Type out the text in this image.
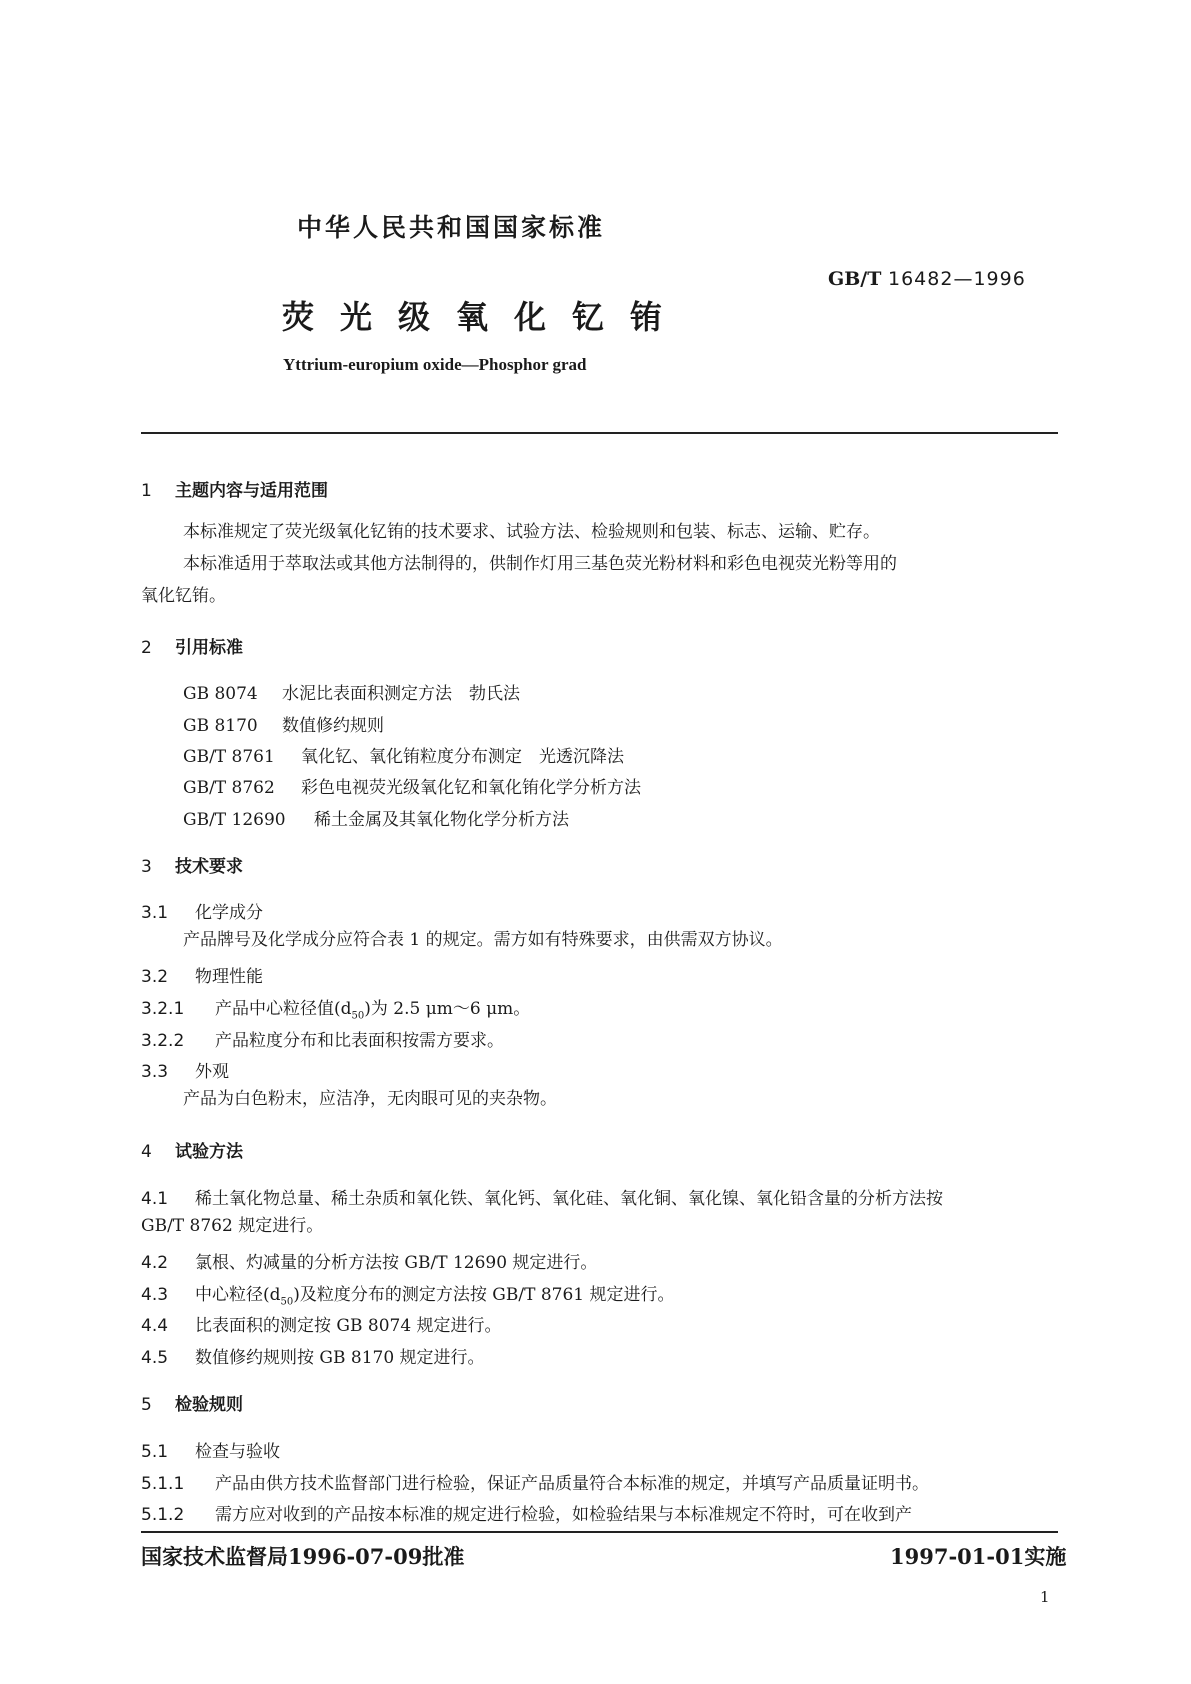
中华人民共和国国家标准
GB/T 16482—1996
荧光级氧化钇铕
Yttrium-europium oxide—Phosphor grad
1 主题内容与适用范围
本标准规定了荧光级氧化钇铕的技术要求、试验方法、检验规则和包装、标志、运输、贮存。
本标准适用于萃取法或其他方法制得的，供制作灯用三基色荧光粉材料和彩色电视荧光粉等用的
氧化钇铕。
2 引用标准
GB 8074 水泥比表面积测定方法　勃氏法
GB 8170 数值修约规则
GB/T 8761 氧化钇、氧化铕粒度分布测定　光透沉降法
GB/T 8762 彩色电视荧光级氧化钇和氧化铕化学分析方法
GB/T 12690 稀土金属及其氧化物化学分析方法
3 技术要求
3.1 化学成分
产品牌号及化学成分应符合表 1 的规定。需方如有特殊要求，由供需双方协议。
3.2 物理性能
3.2.1 产品中心粒径值$(d_{50})$为 2.5 μm～6 μm。
3.2.2 产品粒度分布和比表面积按需方要求。
3.3 外观
产品为白色粉末，应洁净，无肉眼可见的夹杂物。
4 试验方法
4.1 稀土氧化物总量、稀土杂质和氧化铁、氧化钙、氧化硅、氧化铜、氧化镍、氧化铅含量的分析方法按
GB/T 8762 规定进行。
4.2 氯根、灼减量的分析方法按 GB/T 12690 规定进行。
4.3 中心粒径$(d_{50})$及粒度分布的测定方法按 GB/T 8761 规定进行。
4.4 比表面积的测定按 GB 8074 规定进行。
4.5 数值修约规则按 GB 8170 规定进行。
5 检验规则
5.1 检查与验收
5.1.1 产品由供方技术监督部门进行检验，保证产品质量符合本标准的规定，并填写产品质量证明书。
5.1.2 需方应对收到的产品按本标准的规定进行检验，如检验结果与本标准规定不符时，可在收到产
国家技术监督局1996-07-09批准	1997-01-01实施
1
